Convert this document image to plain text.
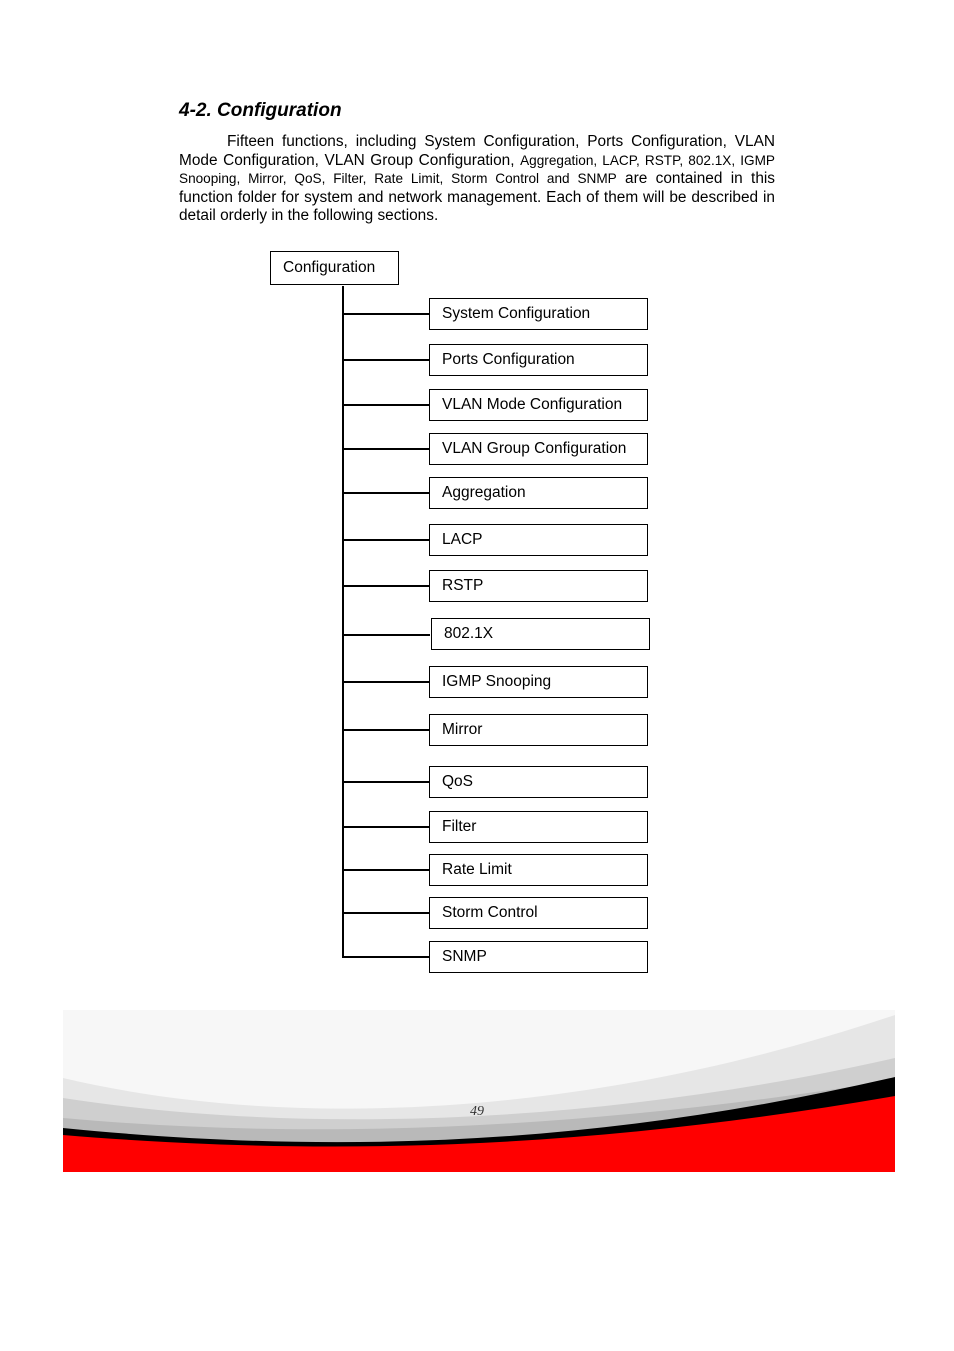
4-2. Configuration

Fifteen functions, including System Configuration, Ports Configuration, VLAN Mode Configuration, VLAN Group Configuration, Aggregation, LACP, RSTP, 802.1X, IGMP Snooping, Mirror, QoS, Filter, Rate Limit, Storm Control and SNMP are contained in this function folder for system and network management. Each of them will be described in detail orderly in the following sections.

Configuration
System Configuration
Ports Configuration
VLAN Mode Configuration
VLAN Group Configuration
Aggregation
LACP
RSTP
802.1X
IGMP Snooping
Mirror
QoS
Filter
Rate Limit
Storm Control
SNMP
49
